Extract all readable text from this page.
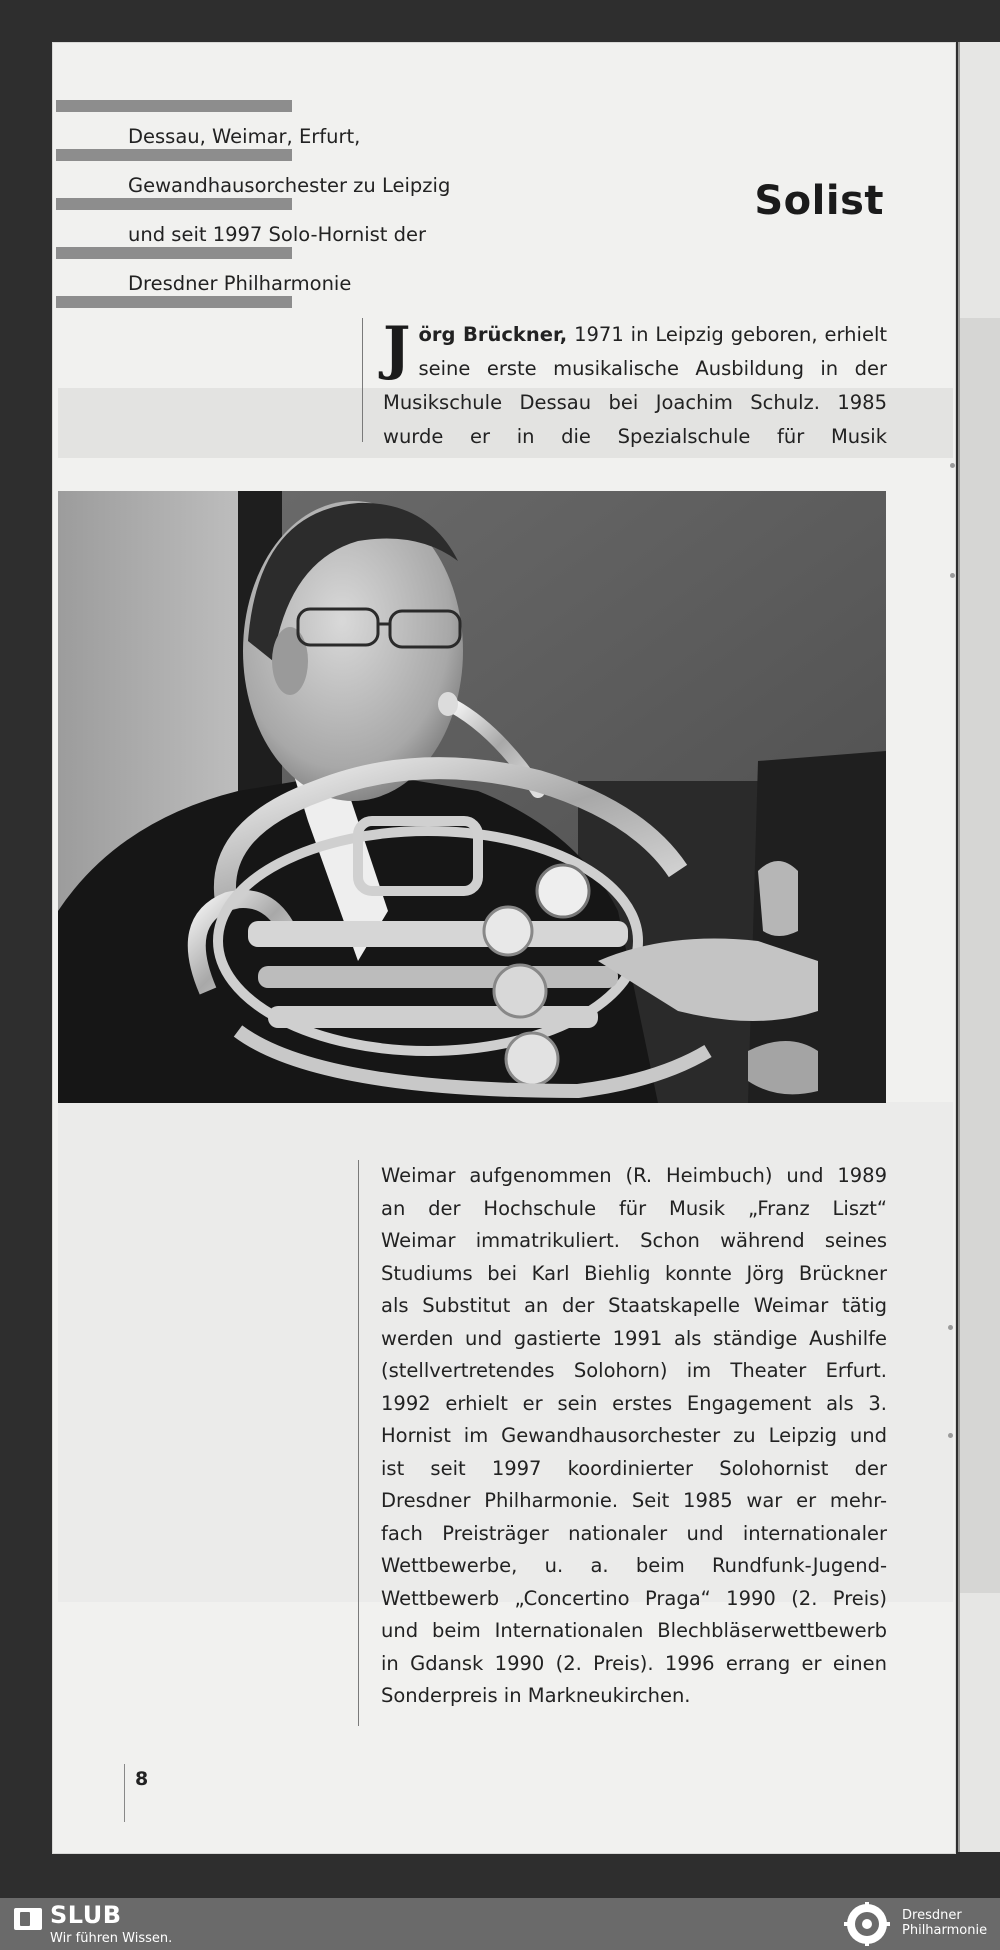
Dessau, Weimar, Erfurt,
Gewandhausorchester zu Leipzig
und seit 1997 Solo-Hornist der
Dresdner Philharmonie
Solist
Jörg Brückner, 1971 in Leipzig geboren, erhielt seine erste musikalische Ausbildung in der Musikschule Dessau bei Joachim Schulz. 1985 wurde er in die Spezialschule für Musik
Weimar aufgenommen (R. Heimbuch) und 1989
an der Hochschule für Musik „Franz Liszt“
Weimar immatrikuliert. Schon während seines
Studiums bei Karl Biehlig konnte Jörg Brückner
als Substitut an der Staatskapelle Weimar tätig
werden und gastierte 1991 als ständige Aushilfe
(stellvertretendes Solohorn) im Theater Erfurt.
1992 erhielt er sein erstes Engagement als 3.
Hornist im Gewandhausorchester zu Leipzig und
ist seit 1997 koordinierter Solohornist der
Dresdner Philharmonie. Seit 1985 war er mehr-
fach Preisträger nationaler und internationaler
Wettbewerbe, u. a. beim Rundfunk-Jugend-
Wettbewerb „Concertino Praga“ 1990 (2. Preis)
und beim Internationalen Blechbläserwettbewerb
in Gdansk 1990 (2. Preis). 1996 errang er einen
Sonderpreis in Markneukirchen.
8
SLUB
Wir führen Wissen.
Dresdner
Philharmonie
